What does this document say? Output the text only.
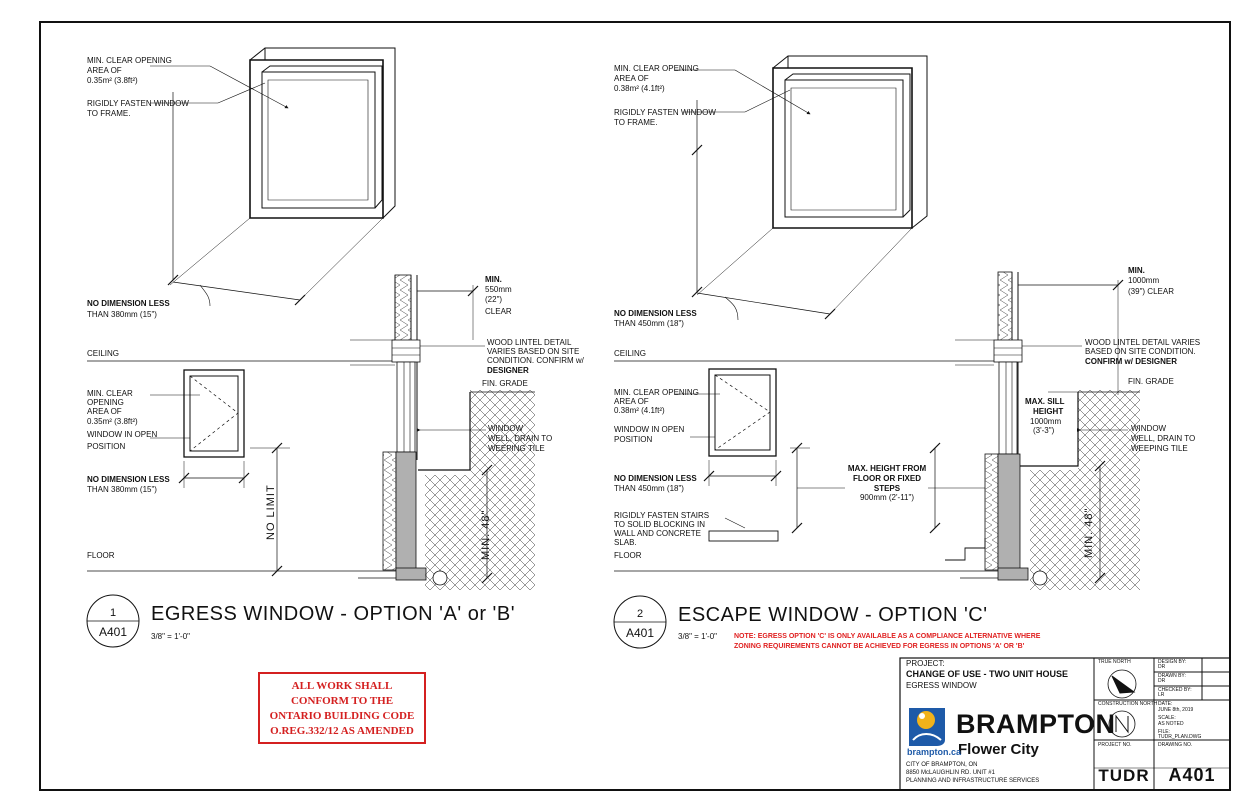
MIN. CLEAR OPENING
AREA OF
0.35m² (3.8ft²)
RIGIDLY FASTEN WINDOW
TO FRAME.
NO DIMENSION LESS
THAN 380mm (15")
CEILING
FLOOR
NO LIMIT
MIN. CLEAR
OPENING
AREA OF
0.35m² (3.8ft²)
WINDOW IN OPEN
POSITION
NO DIMENSION LESS
THAN 380mm (15")
MIN. 48"
MIN.
550mm
(22")
CLEAR
WOOD LINTEL DETAIL
VARIES BASED ON SITE
CONDITION. CONFIRM w/
DESIGNER
FIN. GRADE
WINDOW
WELL, DRAIN TO
WEEPING TILE
1
A401
EGRESS WINDOW - OPTION 'A' or 'B'
3/8" = 1'-0"
MIN. CLEAR OPENING
AREA OF
0.38m² (4.1ft²)
RIGIDLY FASTEN WINDOW
TO FRAME.
NO DIMENSION LESS
THAN 450mm (18")
CEILING
FLOOR
MIN. CLEAR OPENING
AREA OF
0.38m² (4.1ft²)
WINDOW IN OPEN
POSITION
NO DIMENSION LESS
THAN 450mm (18")
RIGIDLY FASTEN STAIRS
TO SOLID BLOCKING IN
WALL AND CONCRETE
SLAB.
MAX. HEIGHT FROM
FLOOR OR FIXED
STEPS
900mm (2'-11")
MIN. 48"
MIN.
1000mm
(39") CLEAR
WOOD LINTEL DETAIL VARIES
BASED ON SITE CONDITION.
CONFIRM w/ DESIGNER
FIN. GRADE
WINDOW
WELL, DRAIN TO
WEEPING TILE
MAX. SILL
HEIGHT
1000mm
(3'-3")
2
A401
ESCAPE WINDOW - OPTION 'C'
3/8" = 1'-0" NOTE: EGRESS OPTION 'C' IS ONLY AVAILABLE AS A COMPLIANCE ALTERNATIVE WHERE
ZONING REQUIREMENTS CANNOT BE ACHIEVED FOR EGRESS IN OPTIONS 'A' OR 'B'
PROJECT:
CHANGE OF USE - TWO UNIT HOUSE
EGRESS WINDOW
TRUE NORTH
CONSTRUCTION NORTH
DESIGN BY:
DRAWN BY:
CHECKED BY:
DATE:
SCALE:
FILE:
PROJECT NO.	DRAWING NO.
DR
DR
LR
JUNE 8th, 2019
AS NOTED
TUDR_PLAN.DWG
TUDR A401
BRAMPTON
Flower City
brampton.ca
CITY OF BRAMPTON, ON
8850 McLAUGHLIN RD. UNIT #1
PLANNING AND INFRASTRUCTURE SERVICES
ALL WORK SHALL
CONFORM TO THE
ONTARIO BUILDING CODE
O.REG.332/12 AS AMENDED
